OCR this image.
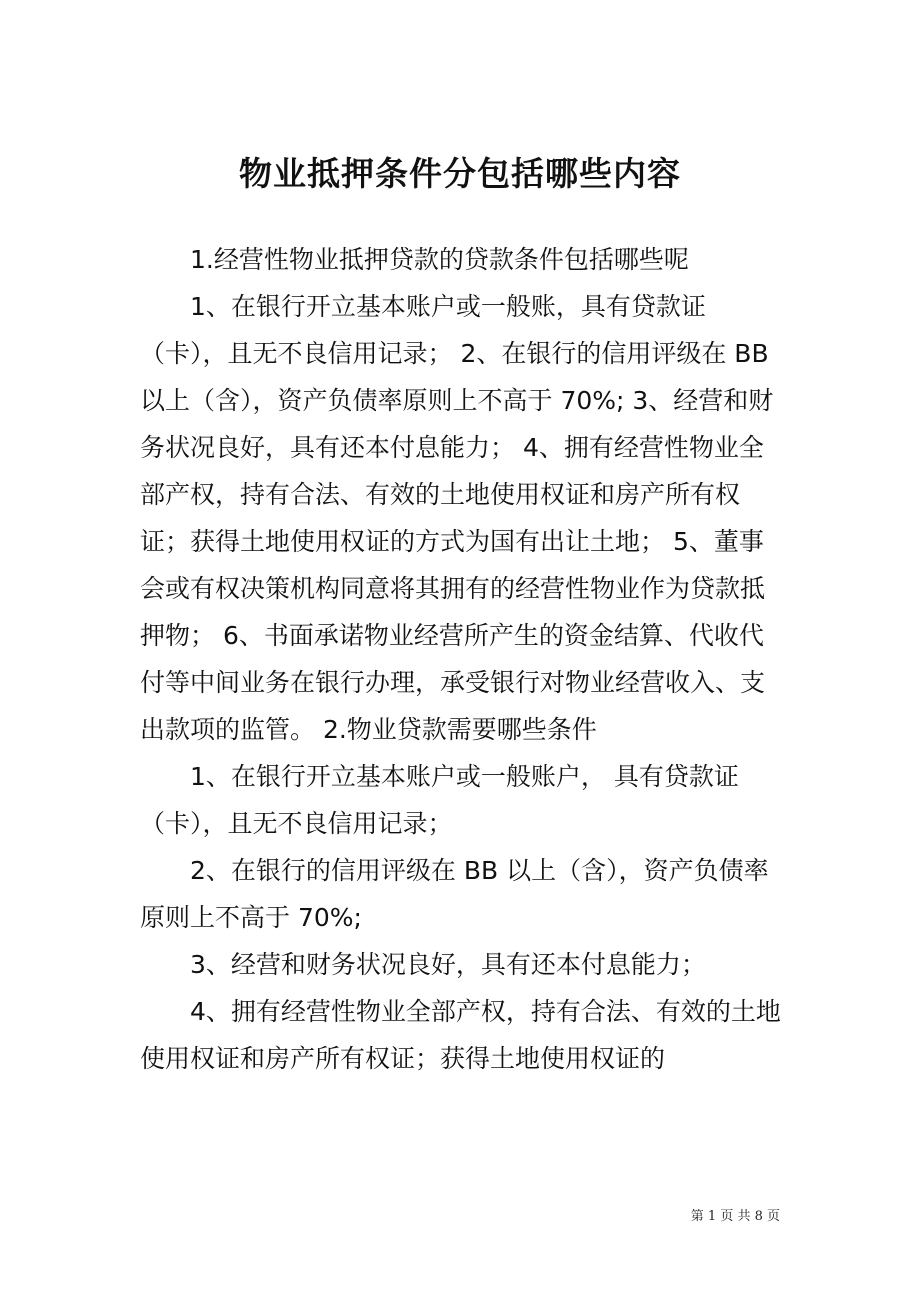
物业抵押条件分包括哪些内容

1.经营性物业抵押贷款的贷款条件包括哪些呢

1、在银行开立基本账户或一般账，具有贷款证（卡），且无不良信用记录； 2、在银行的信用评级在 BB 以上（含），资产负债率原则上不高于 70%; 3、经营和财务状况良好，具有还本付息能力； 4、拥有经营性物业全部产权，持有合法、有效的土地使用权证和房产所有权证；获得土地使用权证的方式为国有出让土地； 5、董事会或有权决策机构同意将其拥有的经营性物业作为贷款抵押物； 6、书面承诺物业经营所产生的资金结算、代收代付等中间业务在银行办理，承受银行对物业经营收入、支出款项的监管。 2.物业贷款需要哪些条件

1、在银行开立基本账户或一般账户， 具有贷款证（卡），且无不良信用记录；

2、在银行的信用评级在 BB 以上（含），资产负债率原则上不高于 70%;

3、经营和财务状况良好，具有还本付息能力；

4、拥有经营性物业全部产权，持有合法、有效的土地使用权证和房产所有权证；获得土地使用权证的

第 1 页 共 8 页
